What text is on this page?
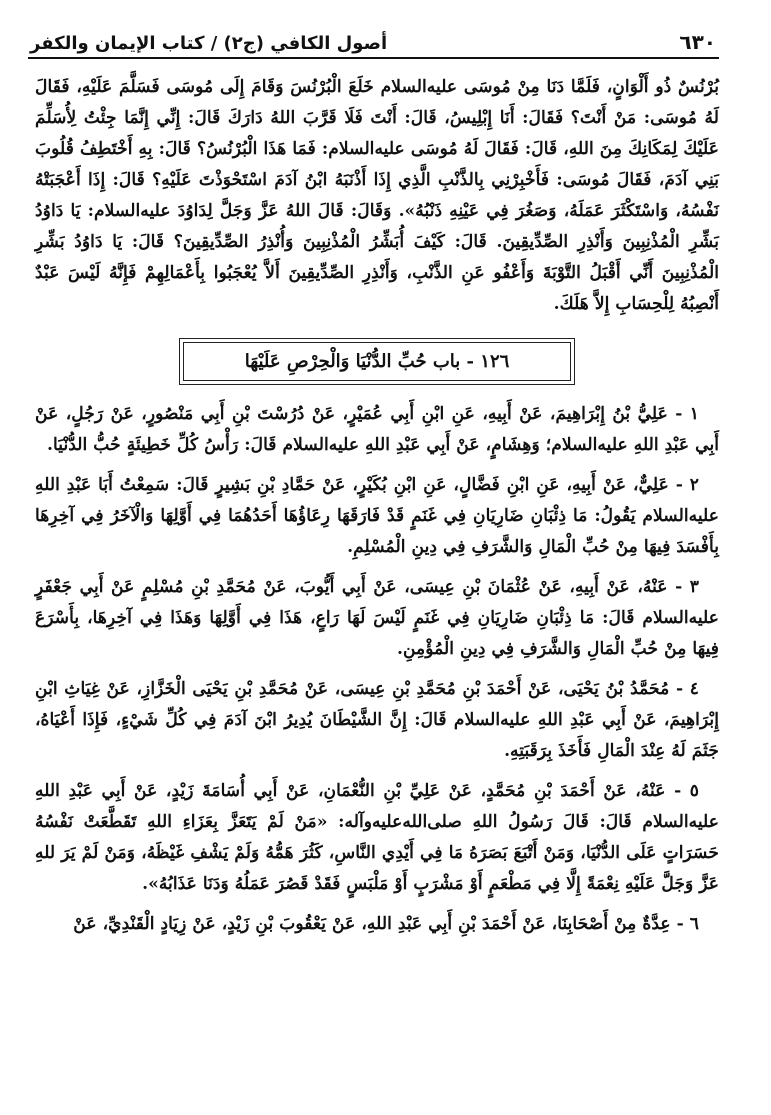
٦٣٠
أصول الكافي (ج٢) / كتاب الإيمان والكفر

بُرْنُسٌ ذُو أَلْوَانٍ، فَلَمَّا دَنَا مِنْ مُوسَى عليه‌السلام خَلَعَ الْبُرْنُسَ وَقَامَ إِلَى مُوسَى فَسَلَّمَ عَلَيْهِ، فَقَالَ لَهُ مُوسَى: مَنْ أَنْتَ؟ فَقَالَ: أَنَا إِبْلِيسُ، قَالَ: أَنْتَ فَلَا قَرَّبَ اللهُ دَارَكَ قَالَ: إِنِّي إِنَّمَا جِئْتُ لِأُسَلِّمَ عَلَيْكَ لِمَكَانِكَ مِنَ اللهِ، قَالَ: فَقَالَ لَهُ مُوسَى عليه‌السلام: فَمَا هَذَا الْبُرْنُسُ؟ قَالَ: بِهِ أَخْتَطِفُ قُلُوبَ بَنِي آدَمَ، فَقَالَ مُوسَى: فَأَخْبِرْنِي بِالذَّنْبِ الَّذِي إِذَا أَذْنَبَهُ ابْنُ آدَمَ اسْتَحْوَذْتَ عَلَيْهِ؟ قَالَ: إِذَا أَعْجَبَتْهُ نَفْسُهُ، وَاسْتَكْثَرَ عَمَلَهُ، وَصَغُرَ فِي عَيْنِهِ ذَنْبُهُ». وَقَالَ: قَالَ اللهُ عَزَّ وَجَلَّ لِدَاوُدَ عليه‌السلام: يَا دَاوُدُ بَشِّرِ الْمُذْنِبِينَ وَأَنْذِرِ الصِّدِّيقِينَ. قَالَ: كَيْفَ أُبَشِّرُ الْمُذْنِبِينَ وَأُنْذِرُ الصِّدِّيقِينَ؟ قَالَ: يَا دَاوُدُ بَشِّرِ الْمُذْنِبِينَ أَنِّي أَقْبَلُ التَّوْبَةَ وَأَعْفُو عَنِ الذَّنْبِ، وَأَنْذِرِ الصِّدِّيقِينَ أَلاَّ يُعْجَبُوا بِأَعْمَالِهِمْ فَإِنَّهُ لَيْسَ عَبْدٌ أَنْصِبُهُ لِلْحِسَابِ إِلاَّ هَلَكَ.

١٢٦ - باب حُبِّ الدُّنْيَا وَالْحِرْصِ عَلَيْهَا

١ - عَلِيُّ بْنُ إِبْرَاهِيمَ، عَنْ أَبِيهِ، عَنِ ابْنِ أَبِي عُمَيْرٍ، عَنْ دُرُسْتَ بْنِ أَبِي مَنْصُورٍ، عَنْ رَجُلٍ، عَنْ أَبِي عَبْدِ اللهِ عليه‌السلام؛ وَهِشَامٍ، عَنْ أَبِي عَبْدِ اللهِ عليه‌السلام قَالَ: رَأْسُ كُلِّ خَطِيئَةٍ حُبُّ الدُّنْيَا.

٢ - عَلِيٌّ، عَنْ أَبِيهِ، عَنِ ابْنِ فَضَّالٍ، عَنِ ابْنِ بُكَيْرٍ، عَنْ حَمَّادِ بْنِ بَشِيرٍ قَالَ: سَمِعْتُ أَبَا عَبْدِ اللهِ عليه‌السلام يَقُولُ: مَا ذِئْبَانِ ضَارِيَانِ فِي غَنَمٍ قَدْ فَارَقَهَا رِعَاؤُهَا أَحَدُهُمَا فِي أَوَّلِهَا وَالْآخَرُ فِي آخِرِهَا بِأَفْسَدَ فِيهَا مِنْ حُبِّ الْمَالِ وَالشَّرَفِ فِي دِينِ الْمُسْلِمِ.

٣ - عَنْهُ، عَنْ أَبِيهِ، عَنْ عُثْمَانَ بْنِ عِيسَى، عَنْ أَبِي أَيُّوبَ، عَنْ مُحَمَّدِ بْنِ مُسْلِمٍ عَنْ أَبِي جَعْفَرٍ عليه‌السلام قَالَ: مَا ذِئْبَانِ ضَارِيَانِ فِي غَنَمٍ لَيْسَ لَهَا رَاعٍ، هَذَا فِي أَوَّلِهَا وَهَذَا فِي آخِرِهَا، بِأَسْرَعَ فِيهَا مِنْ حُبِّ الْمَالِ وَالشَّرَفِ فِي دِينِ الْمُؤْمِنِ.

٤ - مُحَمَّدُ بْنُ يَحْيَى، عَنْ أَحْمَدَ بْنِ مُحَمَّدِ بْنِ عِيسَى، عَنْ مُحَمَّدِ بْنِ يَحْيَى الْخَزَّازِ، عَنْ غِيَاثِ ابْنِ إِبْرَاهِيمَ، عَنْ أَبِي عَبْدِ اللهِ عليه‌السلام قَالَ: إِنَّ الشَّيْطَانَ يُدِيرُ ابْنَ آدَمَ فِي كُلِّ شَيْءٍ، فَإِذَا أَعْيَاهُ، جَثَمَ لَهُ عِنْدَ الْمَالِ فَأَخَذَ بِرَقَبَتِهِ.

٥ - عَنْهُ، عَنْ أَحْمَدَ بْنِ مُحَمَّدٍ، عَنْ عَلِيِّ بْنِ النُّعْمَانِ، عَنْ أَبِي أُسَامَةَ زَيْدٍ، عَنْ أَبِي عَبْدِ اللهِ عليه‌السلام قَالَ: قَالَ رَسُولُ اللهِ صلى‌الله‌عليه‌وآله: «مَنْ لَمْ يَتَعَزَّ بِعَزَاءِ اللهِ تَقَطَّعَتْ نَفْسُهُ حَسَرَاتٍ عَلَى الدُّنْيَا، وَمَنْ أَتْبَعَ بَصَرَهُ مَا فِي أَيْدِي النَّاسِ، كَثُرَ هَمُّهُ وَلَمْ يَشْفِ غَيْظَهُ، وَمَنْ لَمْ يَرَ للهِ عَزَّ وَجَلَّ عَلَيْهِ نِعْمَةً إِلَّا فِي مَطْعَمٍ أَوْ مَشْرَبٍ أَوْ مَلْبَسٍ فَقَدْ قَصُرَ عَمَلُهُ وَدَنَا عَذَابُهُ».

٦ - عِدَّةٌ مِنْ أَصْحَابِنَا، عَنْ أَحْمَدَ بْنِ أَبِي عَبْدِ اللهِ، عَنْ يَعْقُوبَ بْنِ زَيْدٍ، عَنْ زِيَادٍ الْقَنْدِيِّ، عَنْ
